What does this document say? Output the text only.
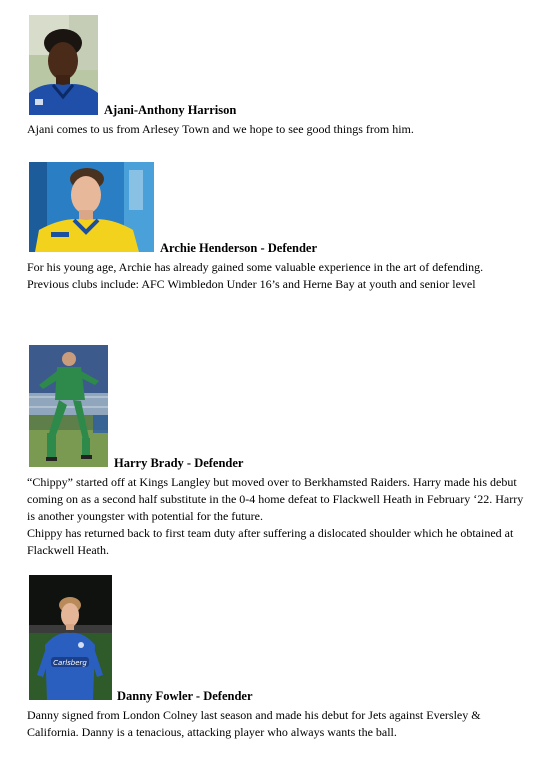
Ajani-Anthony Harrison

Ajani comes to us from Arlesey Town and we hope to see good things from him.

Archie Henderson - Defender

For his young age, Archie has already gained some valuable experience in the art of defending.

Previous clubs include: AFC Wimbledon Under 16’s and Herne Bay at youth and senior level

Harry Brady - Defender

“Chippy” started off at Kings Langley but moved over to Berkhamsted Raiders. Harry made his debut coming on as a second half substitute in the 0-4 home defeat to Flackwell Heath in February ‘22. Harry is another youngster with potential for the future.

Chippy has returned back to first team duty after suffering a dislocated shoulder which he obtained at Flackwell Heath.

Carlsberg
Danny Fowler - Defender

Danny signed from London Colney last season and made his debut for Jets against Eversley & California. Danny is a tenacious, attacking player who always wants the ball.
